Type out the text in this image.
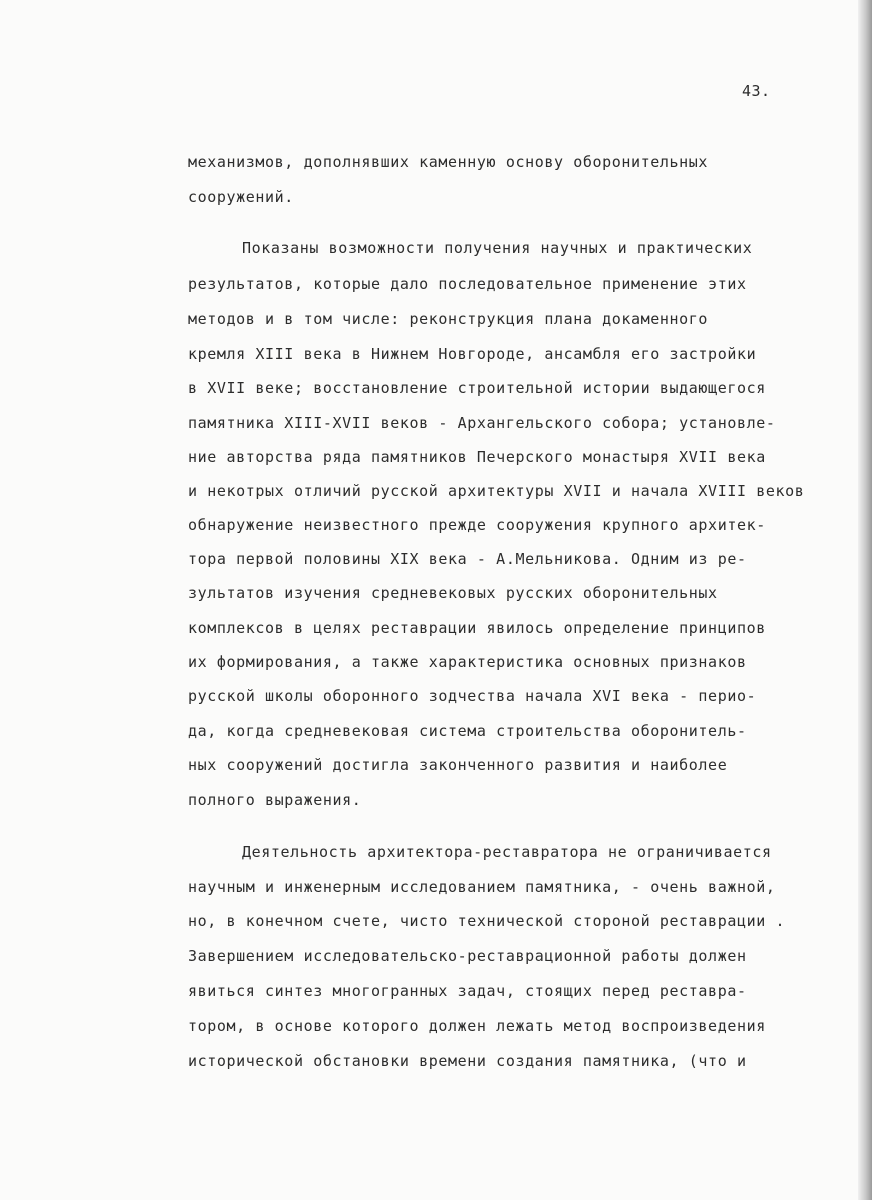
43.
механизмов, дополнявших каменную основу оборонительных
сооружений.
Показаны возможности получения научных и практических
результатов, которые дало последовательное применение этих
методов и в том числе: реконструкция плана докаменного
кремля XIII века в Нижнем Новгороде, ансамбля его застройки
в XVII веке; восстановление строительной истории выдающегося
памятника XIII-XVII веков - Архангельского собора; установле-
ние авторства ряда памятников Печерского монастыря XVII века
и некотрых отличий русской архитектуры XVII и начала XVIII веков
обнаружение неизвестного прежде сооружения крупного архитек-
тора первой половины XIX века - А.Мельникова. Одним из ре-
зультатов изучения средневековых русских оборонительных
комплексов в целях реставрации явилось определение принципов
их формирования, а также характеристика основных признаков
русской школы оборонного зодчества начала XVI века - перио-
да, когда средневековая система строительства оборонитель-
ных сооружений достигла законченного развития и наиболее
полного выражения.
Деятельность архитектора-реставратора не ограничивается
научным и инженерным исследованием памятника, - очень важной,
но, в конечном счете, чисто технической стороной реставрации .
Завершением исследовательско-реставрационной работы должен
явиться синтез многогранных задач, стоящих перед реставра-
тором, в основе которого должен лежать метод воспроизведения
исторической обстановки времени создания памятника, (что и
